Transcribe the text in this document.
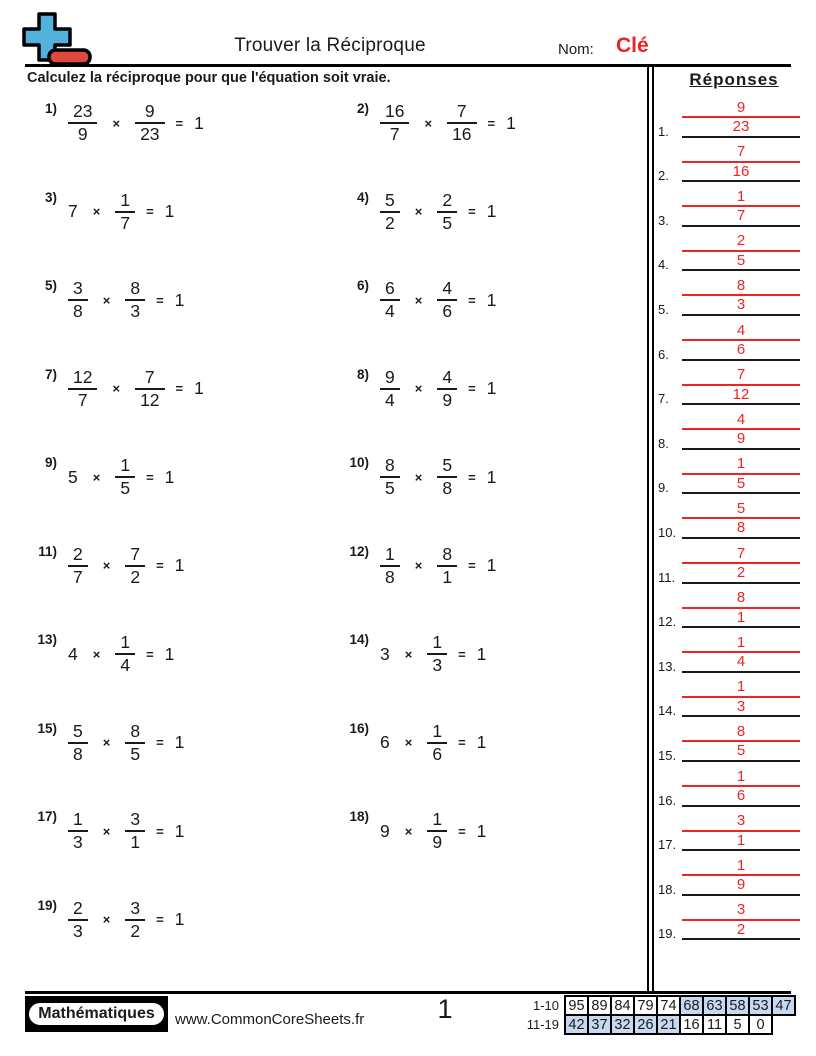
Trouver la Réciproque	Nom: Clé
Calculez la réciproque pour que l'équation soit vraie.
$1) \frac{23}{9} \times \frac{9}{23} = 1$
$2) \frac{16}{7} \times \frac{7}{16} = 1$
3)
$7 \times \frac{1}{7} = 1$
$4) \frac{5}{2} \times \frac{2}{5} = 1$
$5) \frac{3}{8} \times \frac{8}{3} = 1$
$6) \frac{6}{4} \times \frac{4}{6} = 1$
$7) \frac{12}{7} \times \frac{7}{12} = 1$
$8) \frac{9}{4} \times \frac{4}{9} = 1$
9)
$5 \times \frac{1}{5} = 1$
$10) \frac{8}{5} \times \frac{5}{8} = 1$
$11) \frac{2}{7} \times \frac{7}{2} = 1$
$12) \frac{1}{8} \times \frac{8}{1} = 1$
13)
$4 \times \frac{1}{4} = 1$
14)
$3 \times \frac{1}{3} = 1$
$15) \frac{5}{8} \times \frac{8}{5} = 1$
16)
$6 \times \frac{1}{6} = 1$
$17) \frac{1}{3} \times \frac{3}{1} = 1$
18)
$9 \times \frac{1}{9} = 1$
$19) \frac{2}{3} \times \frac{3}{2} = 1$
Réponses
1.
9
23
2.
7
16
3.
1
7
4.
2
5
5.
8
3
6.
4
6
7.
7
12
8.
4
9
9.
1
5
10.
5
8
11.
7
2
12.
8
1
13.
1
4
14.
1
3
15.
8
5
16.
1
6
17.
3
1
18.
1
9
19.
3
2
Mathématiques	www.CommonCoreSheets.fr	1	1-10	95	89	84	79	74	68	63	58	53	47
11-19	42	37	32	26	21	16	11	5	0	
